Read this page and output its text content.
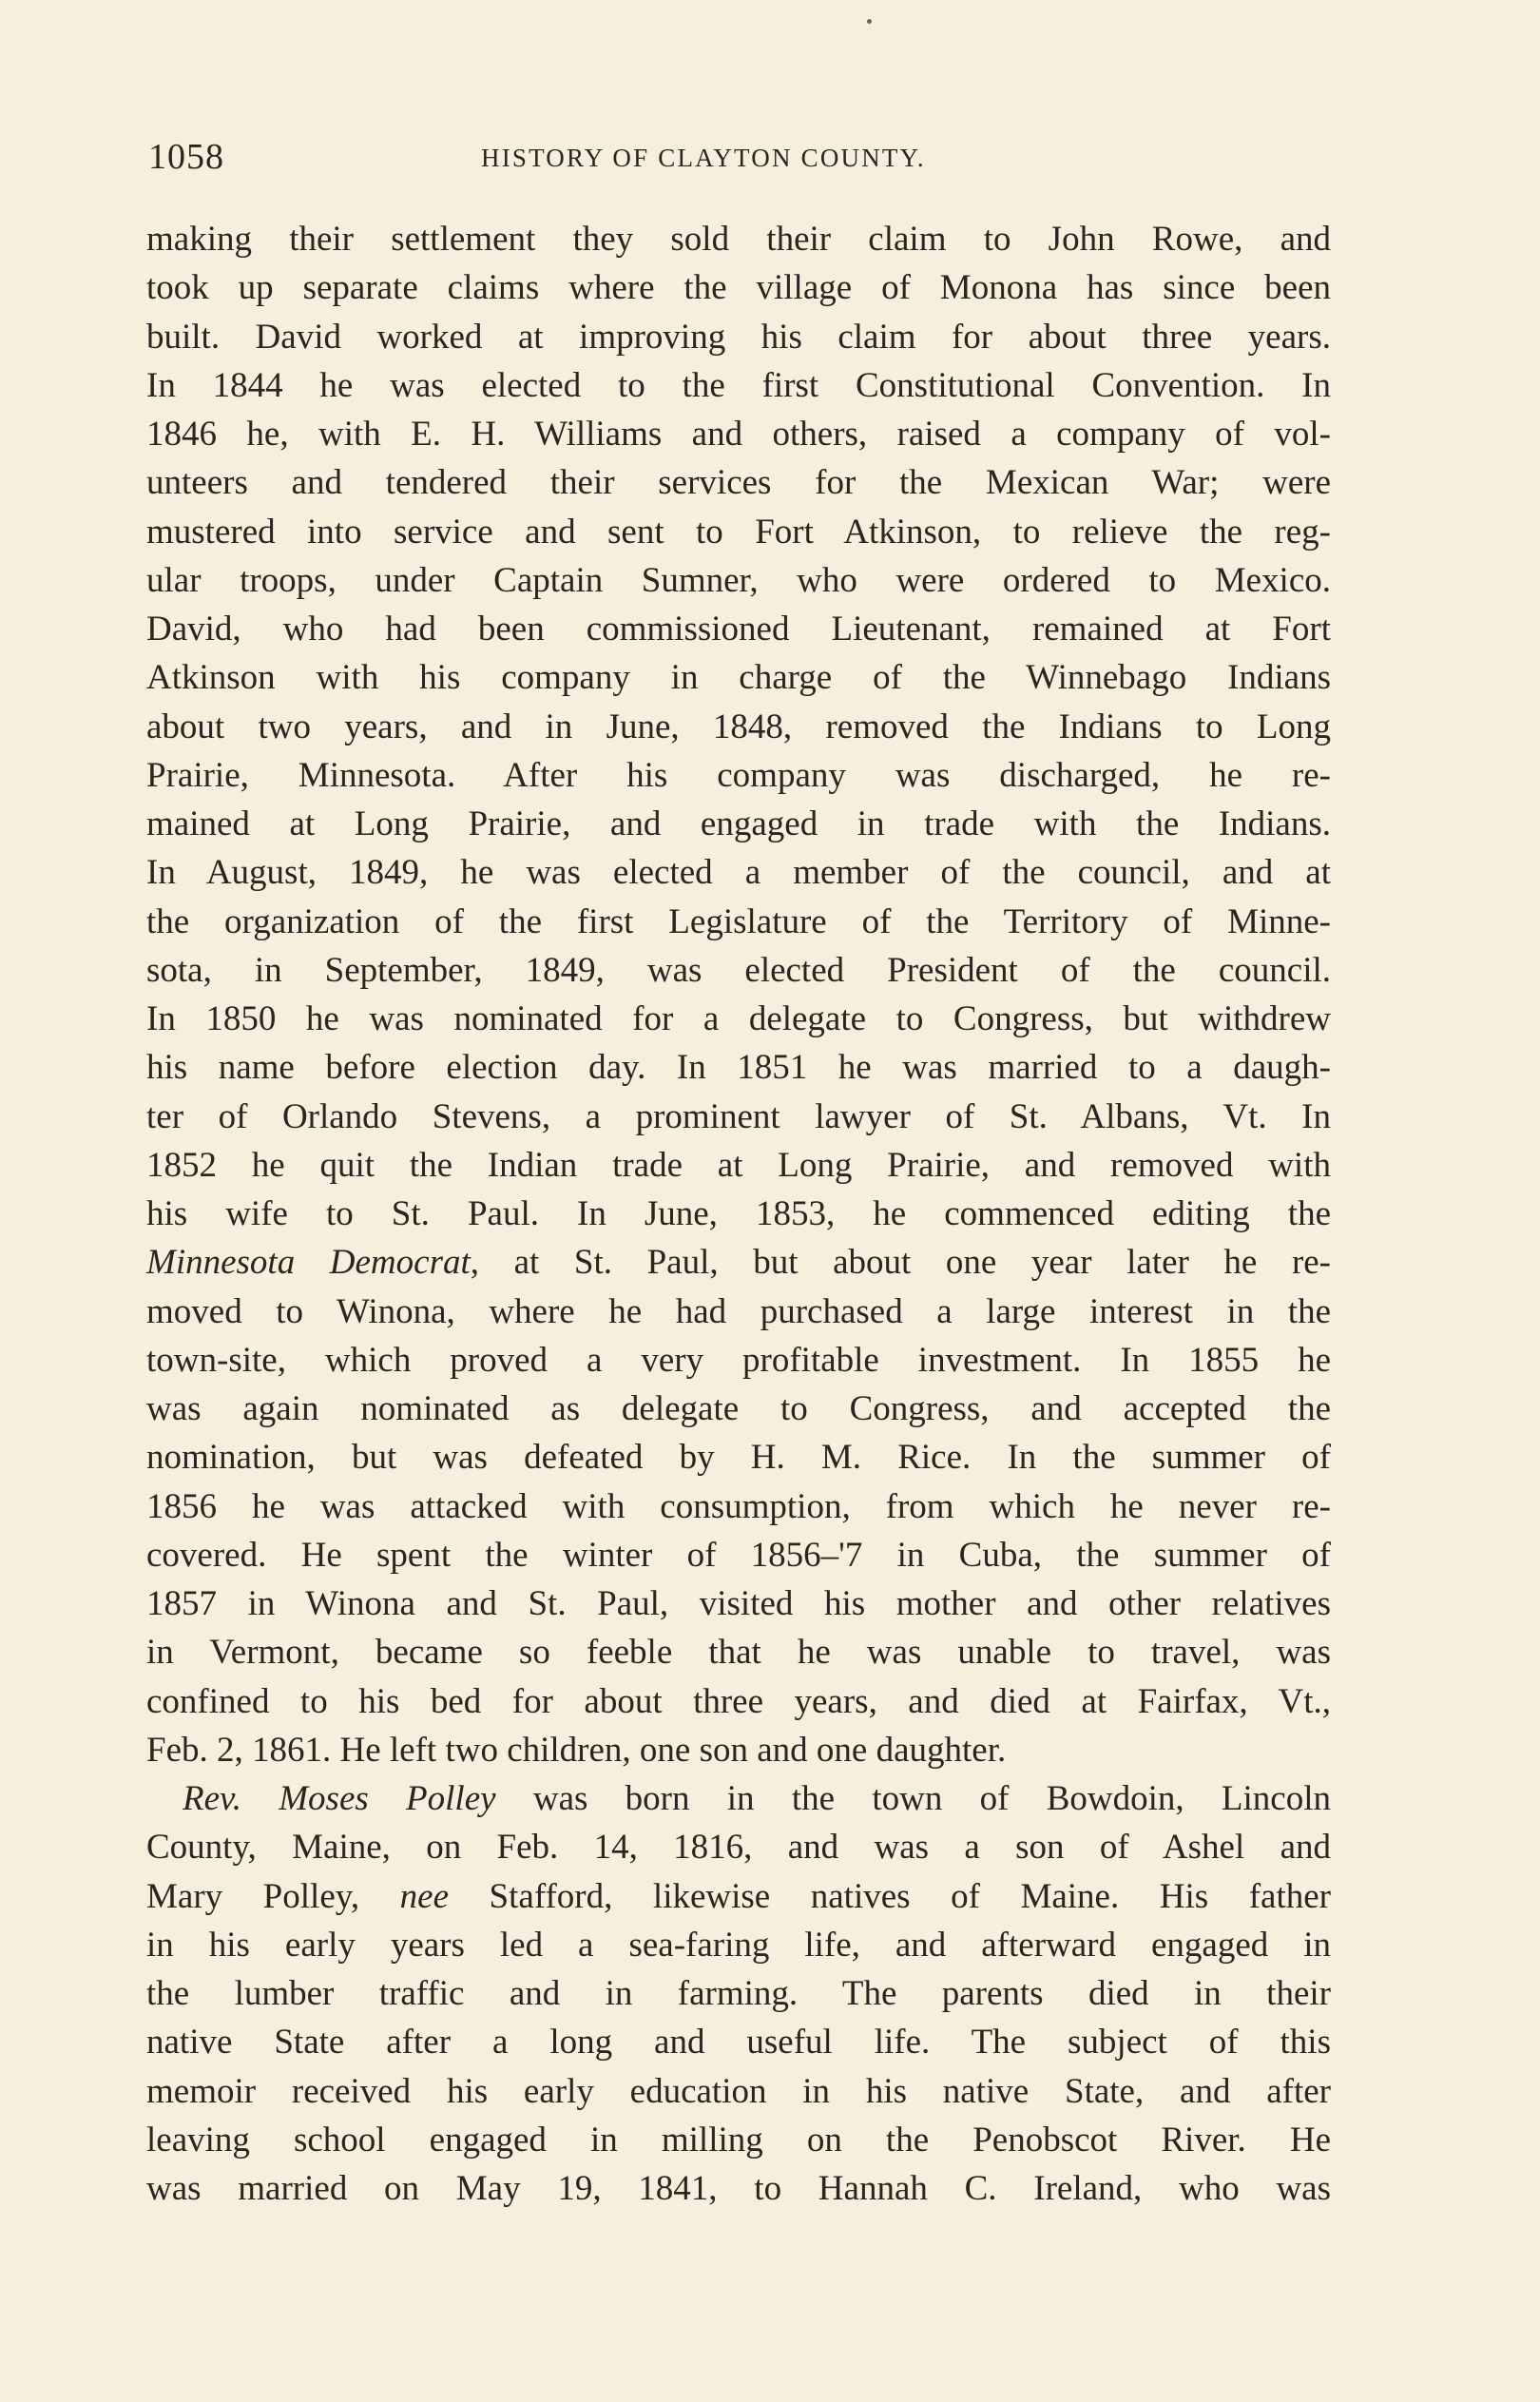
1058	HISTORY OF CLAYTON COUNTY.
making their settlement they sold their claim to John Rowe, and
took up separate claims where the village of Monona has since been
built. David worked at improving his claim for about three years.
In 1844 he was elected to the first Constitutional Convention. In
1846 he, with E. H. Williams and others, raised a company of vol-
unteers and tendered their services for the Mexican War; were
mustered into service and sent to Fort Atkinson, to relieve the reg-
ular troops, under Captain Sumner, who were ordered to Mexico.
David, who had been commissioned Lieutenant, remained at Fort
Atkinson with his company in charge of the Winnebago Indians
about two years, and in June, 1848, removed the Indians to Long
Prairie, Minnesota. After his company was discharged, he re-
mained at Long Prairie, and engaged in trade with the Indians.
In August, 1849, he was elected a member of the council, and at
the organization of the first Legislature of the Territory of Minne-
sota, in September, 1849, was elected President of the council.
In 1850 he was nominated for a delegate to Congress, but withdrew
his name before election day. In 1851 he was married to a daugh-
ter of Orlando Stevens, a prominent lawyer of St. Albans, Vt. In
1852 he quit the Indian trade at Long Prairie, and removed with
his wife to St. Paul. In June, 1853, he commenced editing the
Minnesota Democrat, at St. Paul, but about one year later he re-
moved to Winona, where he had purchased a large interest in the
town-site, which proved a very profitable investment. In 1855 he
was again nominated as delegate to Congress, and accepted the
nomination, but was defeated by H. M. Rice. In the summer of
1856 he was attacked with consumption, from which he never re-
covered. He spent the winter of 1856–'7 in Cuba, the summer of
1857 in Winona and St. Paul, visited his mother and other relatives
in Vermont, became so feeble that he was unable to travel, was
confined to his bed for about three years, and died at Fairfax, Vt.,
Feb. 2, 1861. He left two children, one son and one daughter.
Rev. Moses Polley was born in the town of Bowdoin, Lincoln
County, Maine, on Feb. 14, 1816, and was a son of Ashel and
Mary Polley, nee Stafford, likewise natives of Maine. His father
in his early years led a sea-faring life, and afterward engaged in
the lumber traffic and in farming. The parents died in their
native State after a long and useful life. The subject of this
memoir received his early education in his native State, and after
leaving school engaged in milling on the Penobscot River. He
was married on May 19, 1841, to Hannah C. Ireland, who was
